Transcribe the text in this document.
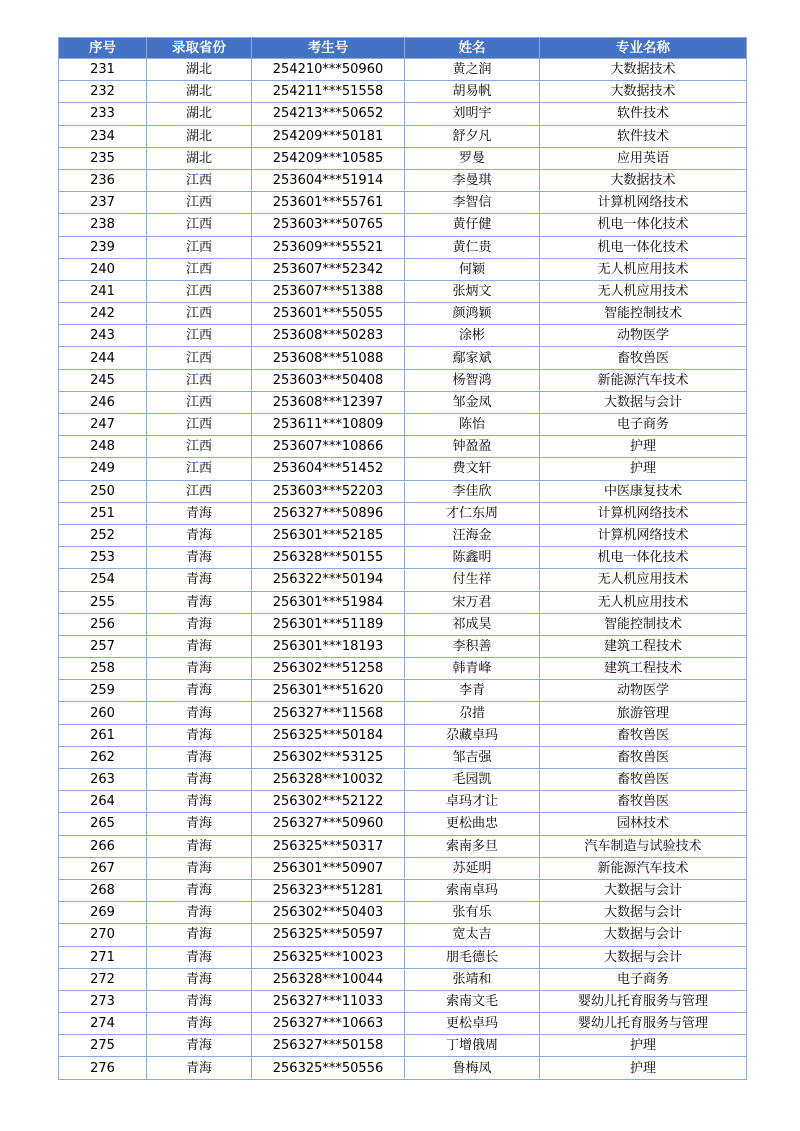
序号	录取省份	考生号	姓名	专业名称
231	湖北	254210***50960	黄之润	大数据技术
232	湖北	254211***51558	胡易帆	大数据技术
233	湖北	254213***50652	刘明宇	软件技术
234	湖北	254209***50181	舒夕凡	软件技术
235	湖北	254209***10585	罗曼	应用英语
236	江西	253604***51914	李曼琪	大数据技术
237	江西	253601***55761	李智信	计算机网络技术
238	江西	253603***50765	黄仔健	机电一体化技术
239	江西	253609***55521	黄仁贵	机电一体化技术
240	江西	253607***52342	何颖	无人机应用技术
241	江西	253607***51388	张炳文	无人机应用技术
242	江西	253601***55055	颜鸿颖	智能控制技术
243	江西	253608***50283	涂彬	动物医学
244	江西	253608***51088	鄢家斌	畜牧兽医
245	江西	253603***50408	杨智鸿	新能源汽车技术
246	江西	253608***12397	邹金凤	大数据与会计
247	江西	253611***10809	陈怡	电子商务
248	江西	253607***10866	钟盈盈	护理
249	江西	253604***51452	费文轩	护理
250	江西	253603***52203	李佳欣	中医康复技术
251	青海	256327***50896	才仁东周	计算机网络技术
252	青海	256301***52185	汪海金	计算机网络技术
253	青海	256328***50155	陈鑫明	机电一体化技术
254	青海	256322***50194	付生祥	无人机应用技术
255	青海	256301***51984	宋万君	无人机应用技术
256	青海	256301***51189	祁成昊	智能控制技术
257	青海	256301***18193	李积善	建筑工程技术
258	青海	256302***51258	韩青峰	建筑工程技术
259	青海	256301***51620	李青	动物医学
260	青海	256327***11568	尕措	旅游管理
261	青海	256325***50184	尕藏卓玛	畜牧兽医
262	青海	256302***53125	邹吉强	畜牧兽医
263	青海	256328***10032	毛园凯	畜牧兽医
264	青海	256302***52122	卓玛才让	畜牧兽医
265	青海	256327***50960	更松曲忠	园林技术
266	青海	256325***50317	索南多旦	汽车制造与试验技术
267	青海	256301***50907	苏延明	新能源汽车技术
268	青海	256323***51281	索南卓玛	大数据与会计
269	青海	256302***50403	张有乐	大数据与会计
270	青海	256325***50597	宽太吉	大数据与会计
271	青海	256325***10023	朋毛德长	大数据与会计
272	青海	256328***10044	张靖和	电子商务
273	青海	256327***11033	索南文毛	婴幼儿托育服务与管理
274	青海	256327***10663	更松卓玛	婴幼儿托育服务与管理
275	青海	256327***50158	丁增俄周	护理
276	青海	256325***50556	鲁梅凤	护理
